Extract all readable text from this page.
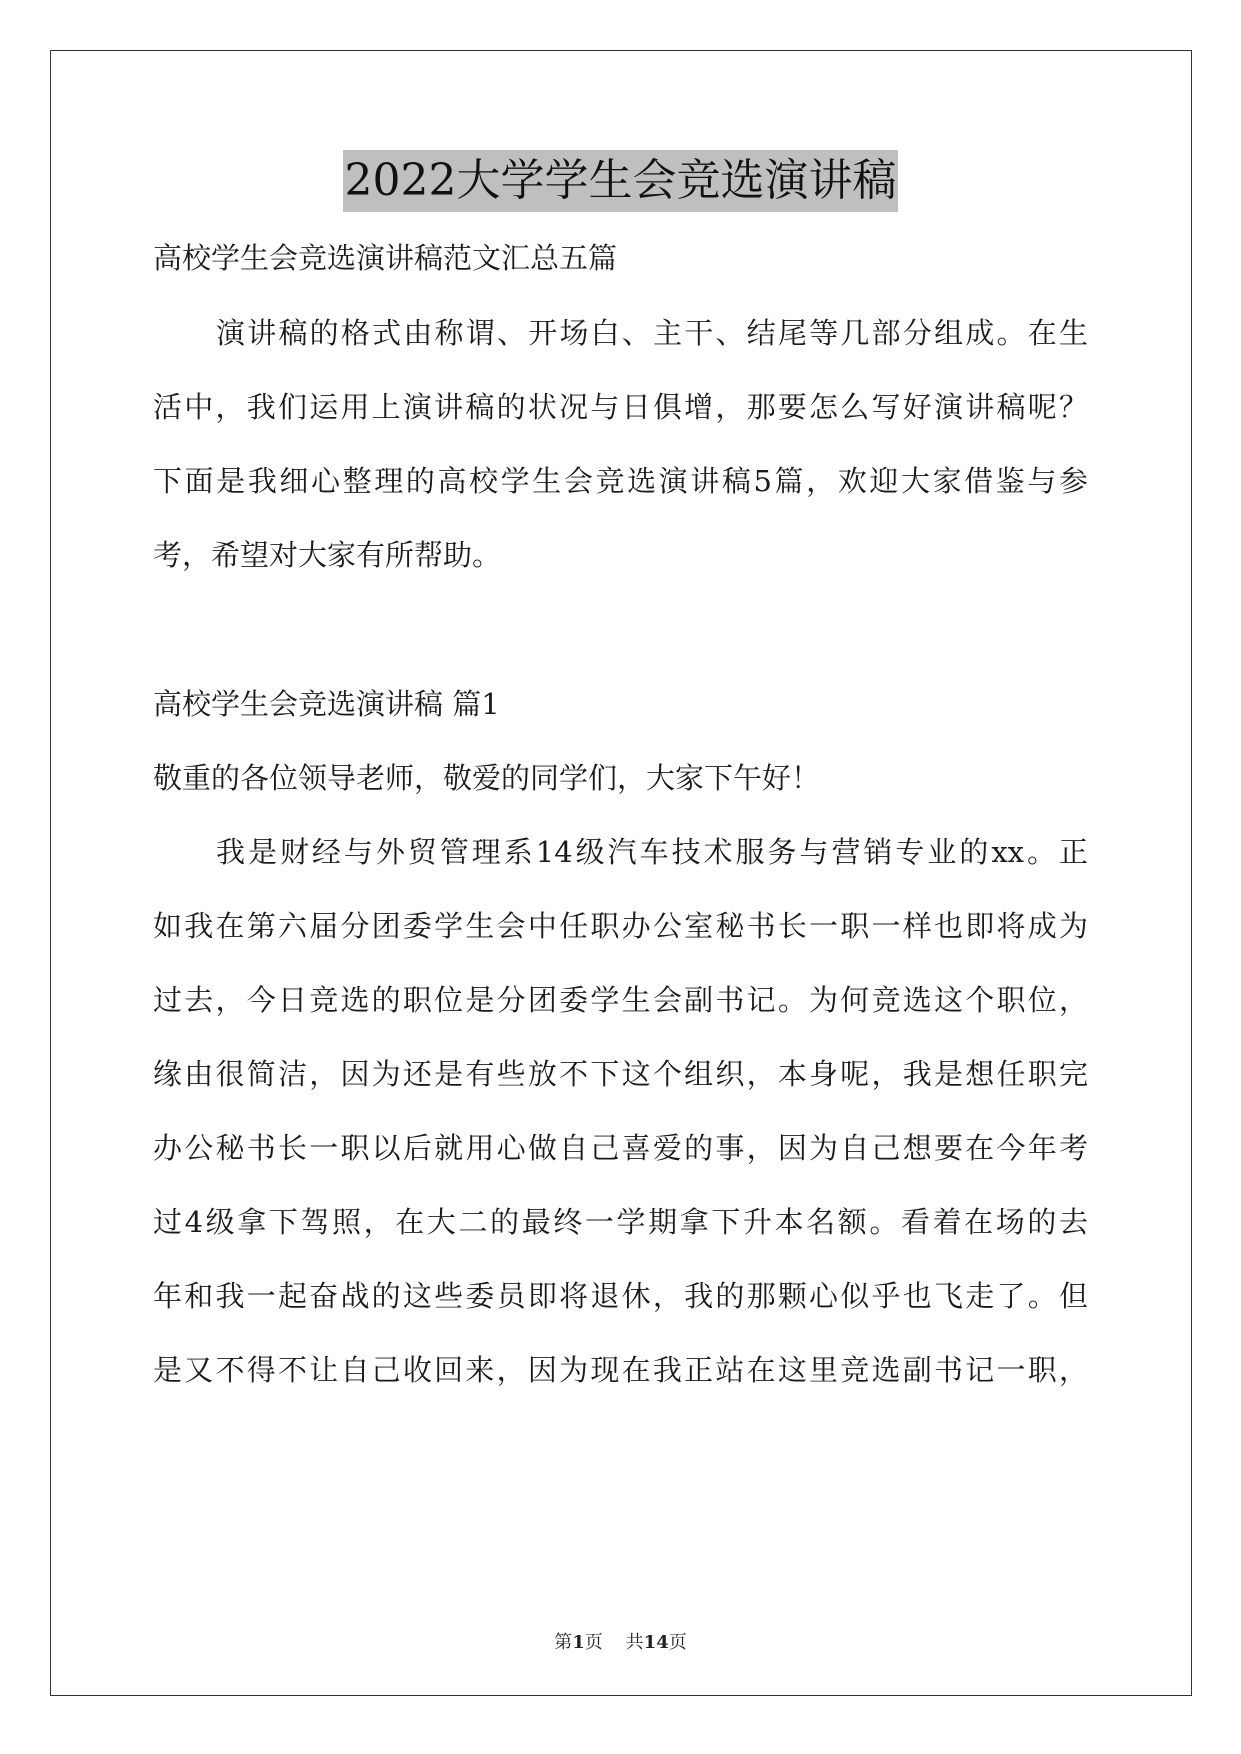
2022大学学生会竞选演讲稿
高校学生会竞选演讲稿范文汇总五篇
演讲稿的格式由称谓、开场白、主干、结尾等几部分组成。在生
活中，我们运用上演讲稿的状况与日俱增，那要怎么写好演讲稿呢？
下面是我细心整理的高校学生会竞选演讲稿5篇，欢迎大家借鉴与参
考，希望对大家有所帮助。
高校学生会竞选演讲稿 篇1
敬重的各位领导老师，敬爱的同学们，大家下午好！
我是财经与外贸管理系14级汽车技术服务与营销专业的xx。正
如我在第六届分团委学生会中任职办公室秘书长一职一样也即将成为
过去，今日竞选的职位是分团委学生会副书记。为何竞选这个职位，
缘由很简洁，因为还是有些放不下这个组织，本身呢，我是想任职完
办公秘书长一职以后就用心做自己喜爱的事，因为自己想要在今年考
过4级拿下驾照，在大二的最终一学期拿下升本名额。看着在场的去
年和我一起奋战的这些委员即将退休，我的那颗心似乎也飞走了。但
是又不得不让自己收回来，因为现在我正站在这里竞选副书记一职，
第1页 共14页
